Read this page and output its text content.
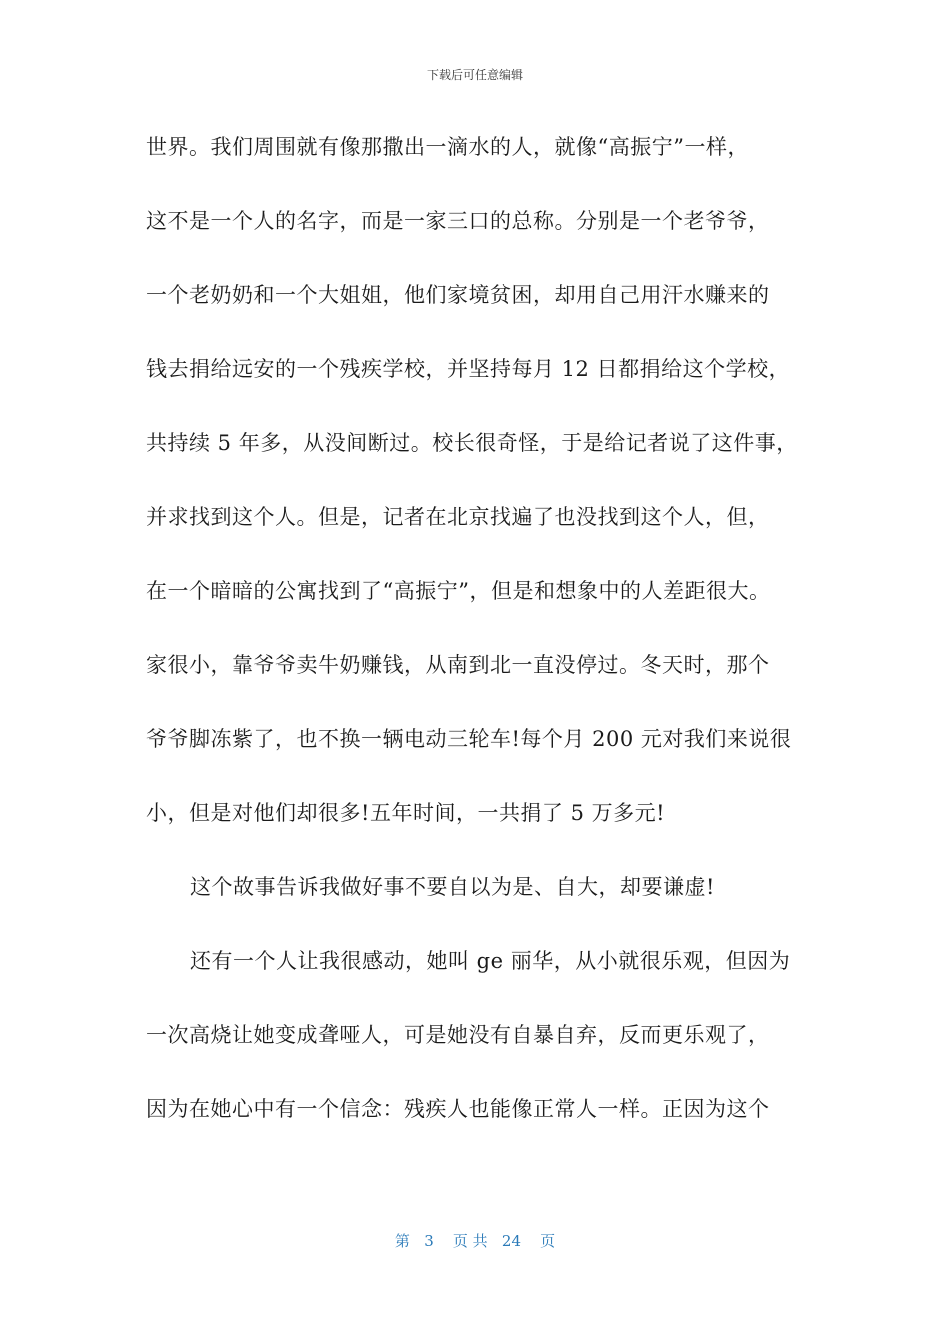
下载后可任意编辑
世界。我们周围就有像那撒出一滴水的人，就像“高振宁”一样，
这不是一个人的名字，而是一家三口的总称。分别是一个老爷爷，
一个老奶奶和一个大姐姐，他们家境贫困，却用自己用汗水赚来的
钱去捐给远安的一个残疾学校，并坚持每月 12 日都捐给这个学校，
共持续 5 年多，从没间断过。校长很奇怪，于是给记者说了这件事，
并求找到这个人。但是，记者在北京找遍了也没找到这个人，但，
在一个暗暗的公寓找到了“高振宁”，但是和想象中的人差距很大。
家很小，靠爷爷卖牛奶赚钱，从南到北一直没停过。冬天时，那个
爷爷脚冻紫了，也不换一辆电动三轮车!每个月 200 元对我们来说很
小，但是对他们却很多!五年时间，一共捐了 5 万多元!
这个故事告诉我做好事不要自以为是、自大，却要谦虚!
还有一个人让我很感动，她叫 ge 丽华，从小就很乐观，但因为
一次高烧让她变成聋哑人，可是她没有自暴自弃，反而更乐观了，
因为在她心中有一个信念：残疾人也能像正常人一样。正因为这个
第   3    页 共   24    页
